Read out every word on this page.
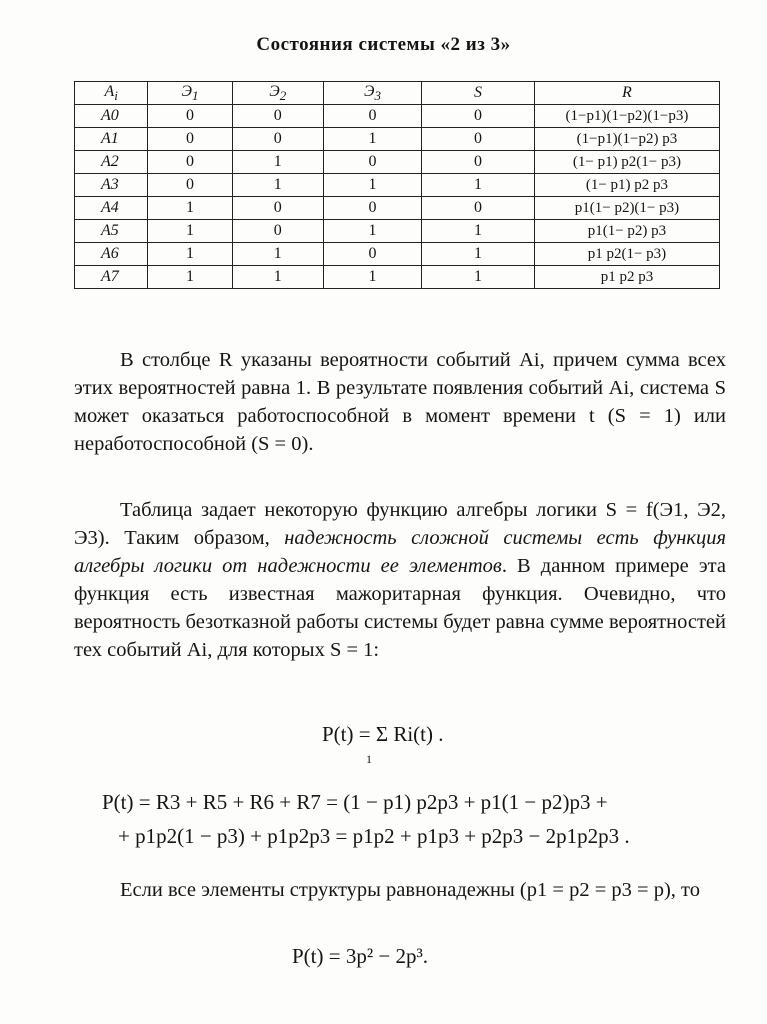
Состояния системы «2 из 3»
$A_i$	$Э_1$	$Э_2$	$Э_3$	S	R
A0	0	0	0	0	(1−p1)(1−p2)(1−p3)
A1	0	0	1	0	(1−p1)(1−p2) p3
A2	0	1	0	0	(1− p1) p2(1− p3)
A3	0	1	1	1	(1− p1) p2 p3
A4	1	0	0	0	p1(1− p2)(1− p3)
A5	1	0	1	1	p1(1− p2) p3
A6	1	1	0	1	p1 p2(1− p3)
A7	1	1	1	1	p1 p2 p3
В столбце R указаны вероятности событий Ai, причем сумма всех этих вероятностей равна 1. В результате появления событий Ai, система S может оказаться работоспособной в момент времени t (S = 1) или неработоспособной (S = 0).
Таблица задает некоторую функцию алгебры логики S = f(Э1, Э2, Э3). Таким образом, надежность сложной системы есть функция алгебры логики от надежности ее элементов. В данном примере эта функция есть известная мажоритарная функция. Очевидно, что вероятность безотказной работы системы будет равна сумме вероятностей тех событий Ai, для которых S = 1:
P(t) = Σ Ri(t) .
1
P(t) = R3 + R5 + R6 + R7 = (1 − p1) p2p3 + p1(1 − p2)p3 +
+ p1p2(1 − p3) + p1p2p3 = p1p2 + p1p3 + p2p3 − 2p1p2p3 .
Если все элементы структуры равнонадежны (p1 = p2 = p3 = p), то
P(t) = 3p² − 2p³.
